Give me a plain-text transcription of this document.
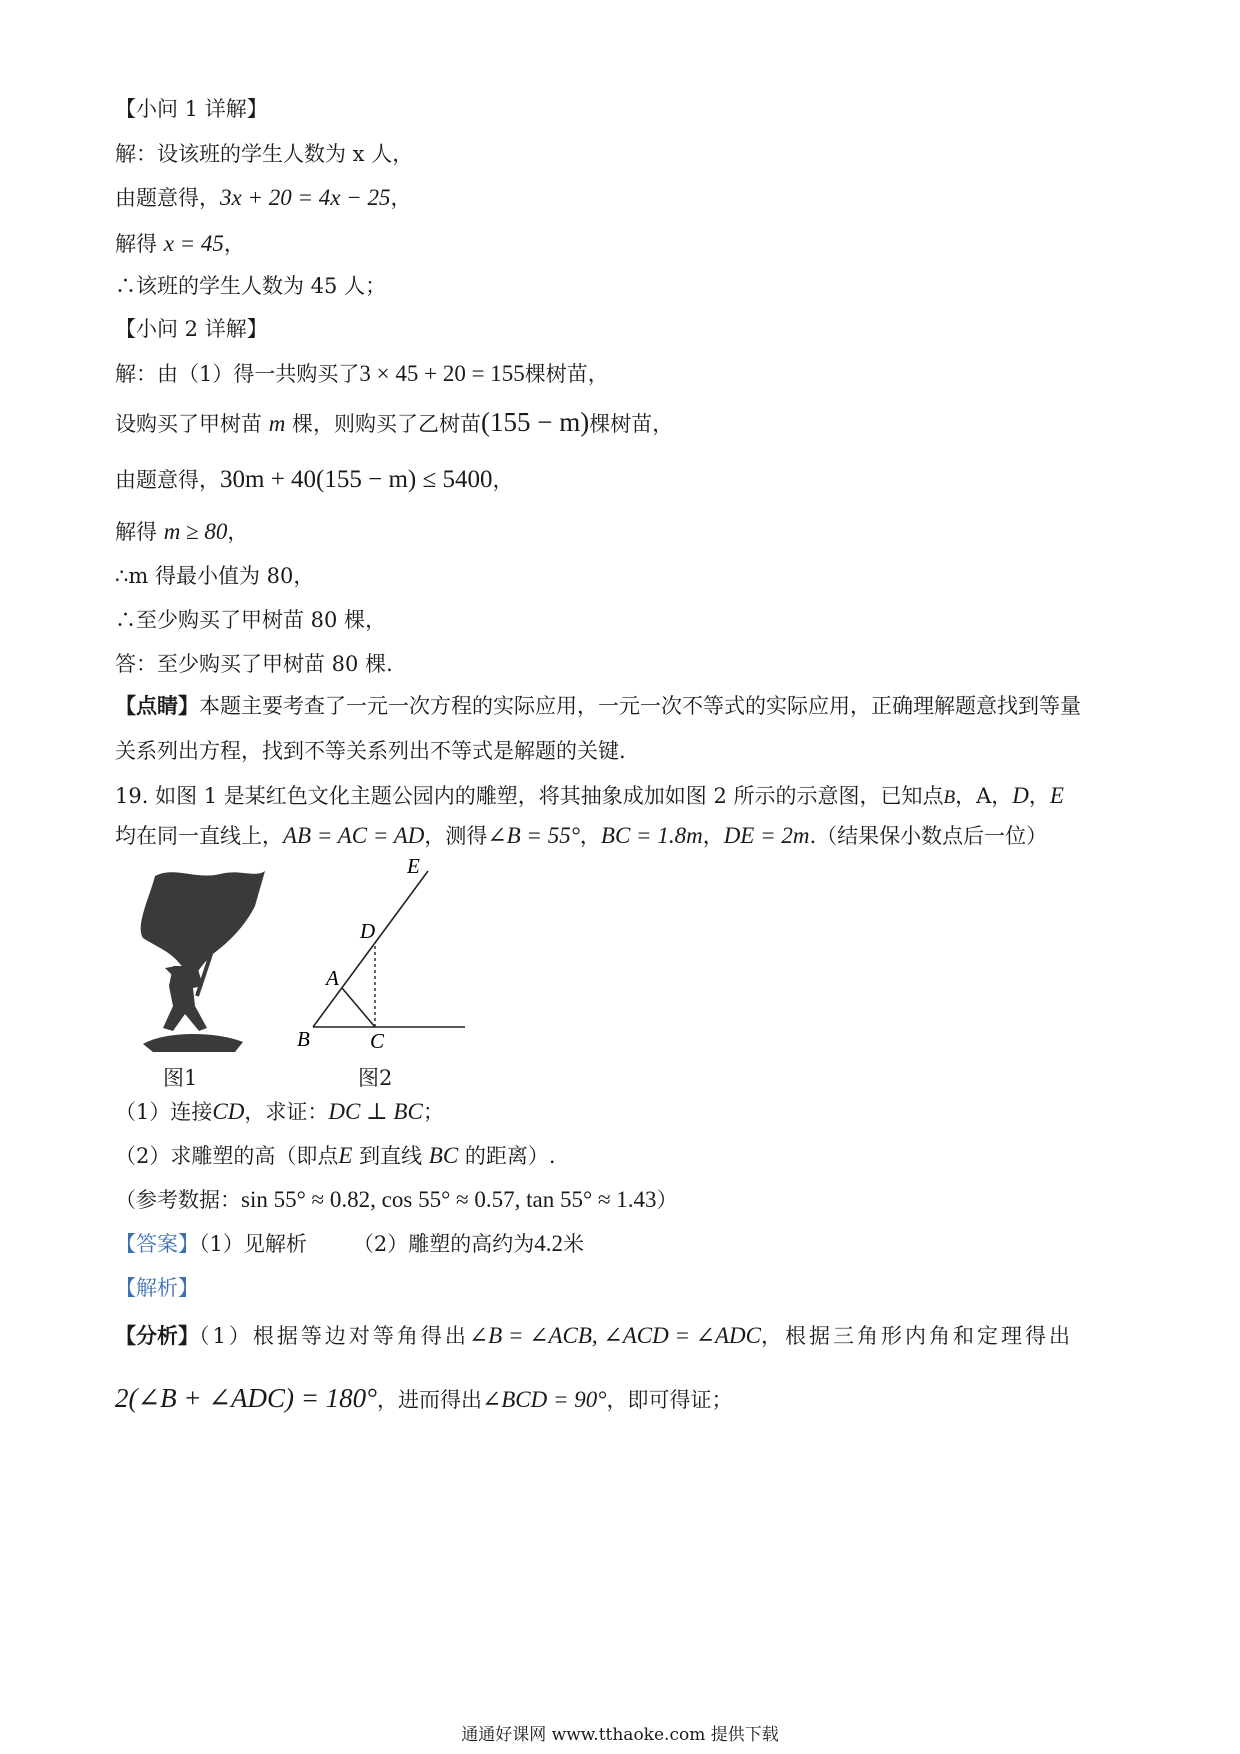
【小问 1 详解】
解：设该班的学生人数为 x 人，
由题意得，3x + 20 = 4x − 25，
解得 x = 45，
∴该班的学生人数为 45 人；
【小问 2 详解】
解：由（1）得一共购买了3 × 45 + 20 = 155棵树苗，
设购买了甲树苗 m 棵，则购买了乙树苗(155 − m)棵树苗，
由题意得，30m + 40(155 − m) ≤ 5400，
解得 m ≥ 80，
∴m 得最小值为 80，
∴至少购买了甲树苗 80 棵，
答：至少购买了甲树苗 80 棵.
【点睛】本题主要考查了一元一次方程的实际应用，一元一次不等式的实际应用，正确理解题意找到等量
关系列出方程，找到不等关系列出不等式是解题的关键.
19. 如图 1 是某红色文化主题公园内的雕塑，将其抽象成加如图 2 所示的示意图，已知点B，A，D，E
均在同一直线上，AB = AC = AD，测得∠B = 55°，BC = 1.8m，DE = 2m.（结果保小数点后一位）
图1
E
D
A
B	C
图2
（1）连接CD，求证：DC ⊥ BC；
（2）求雕塑的高（即点E 到直线 BC 的距离）.
（参考数据：sin 55° ≈ 0.82, cos 55° ≈ 0.57, tan 55° ≈ 1.43）
【答案】（1）见解析 （2）雕塑的高约为4.2米
【解析】
【分析】（1）根据等边对等角得出∠B = ∠ACB, ∠ACD = ∠ADC，根据三角形内角和定理得出
2(∠B + ∠ADC) = 180°，进而得出∠BCD = 90°，即可得证；
通通好课网 www.tthaoke.com 提供下载
